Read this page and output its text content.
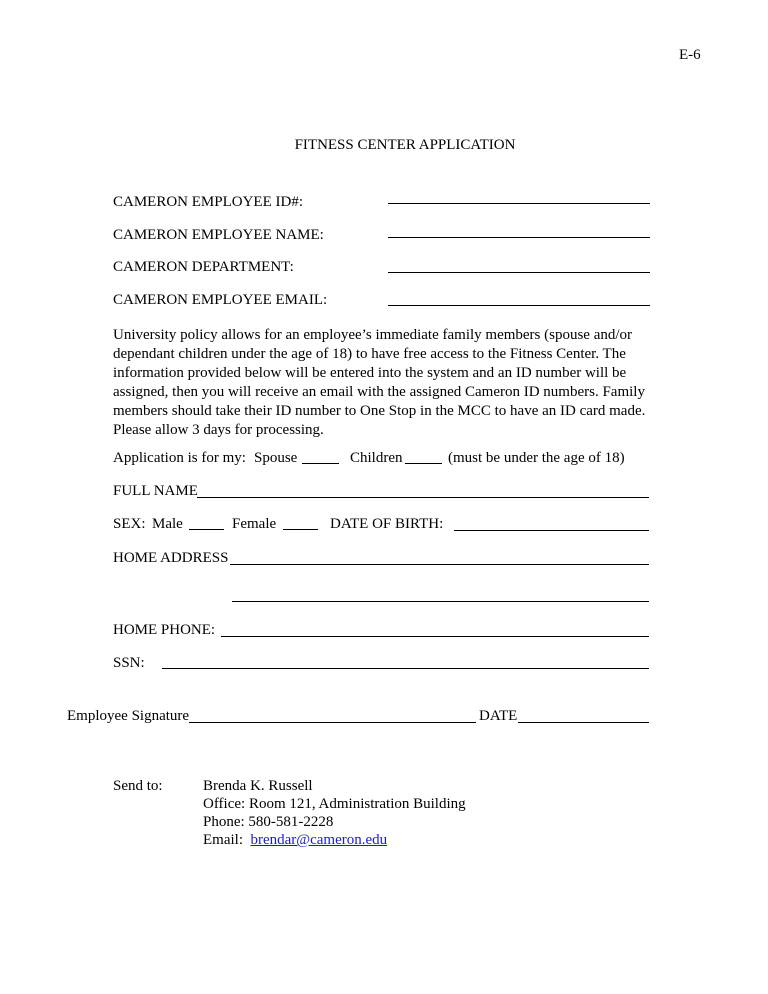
E-6
FITNESS CENTER APPLICATION
CAMERON EMPLOYEE ID#:
CAMERON EMPLOYEE NAME:
CAMERON DEPARTMENT:
CAMERON EMPLOYEE EMAIL:
University policy allows for an employee’s immediate family members (spouse and/or dependant children under the age of 18) to have free access to the Fitness Center. The information provided below will be entered into the system and an ID number will be assigned, then you will receive an email with the assigned Cameron ID numbers. Family members should take their ID number to One Stop in the MCC to have an ID card made. Please allow 3 days for processing.
Application is for my: Spouse	Children	(must be under the age of 18)
FULL NAME
SEX: Male	Female	DATE OF BIRTH:
HOME ADDRESS
HOME PHONE:
SSN:
Employee Signature	DATE
Send to:	Brenda K. Russell
Office: Room 121, Administration Building
Phone: 580-581-2228
Email: brendar@cameron.edu
